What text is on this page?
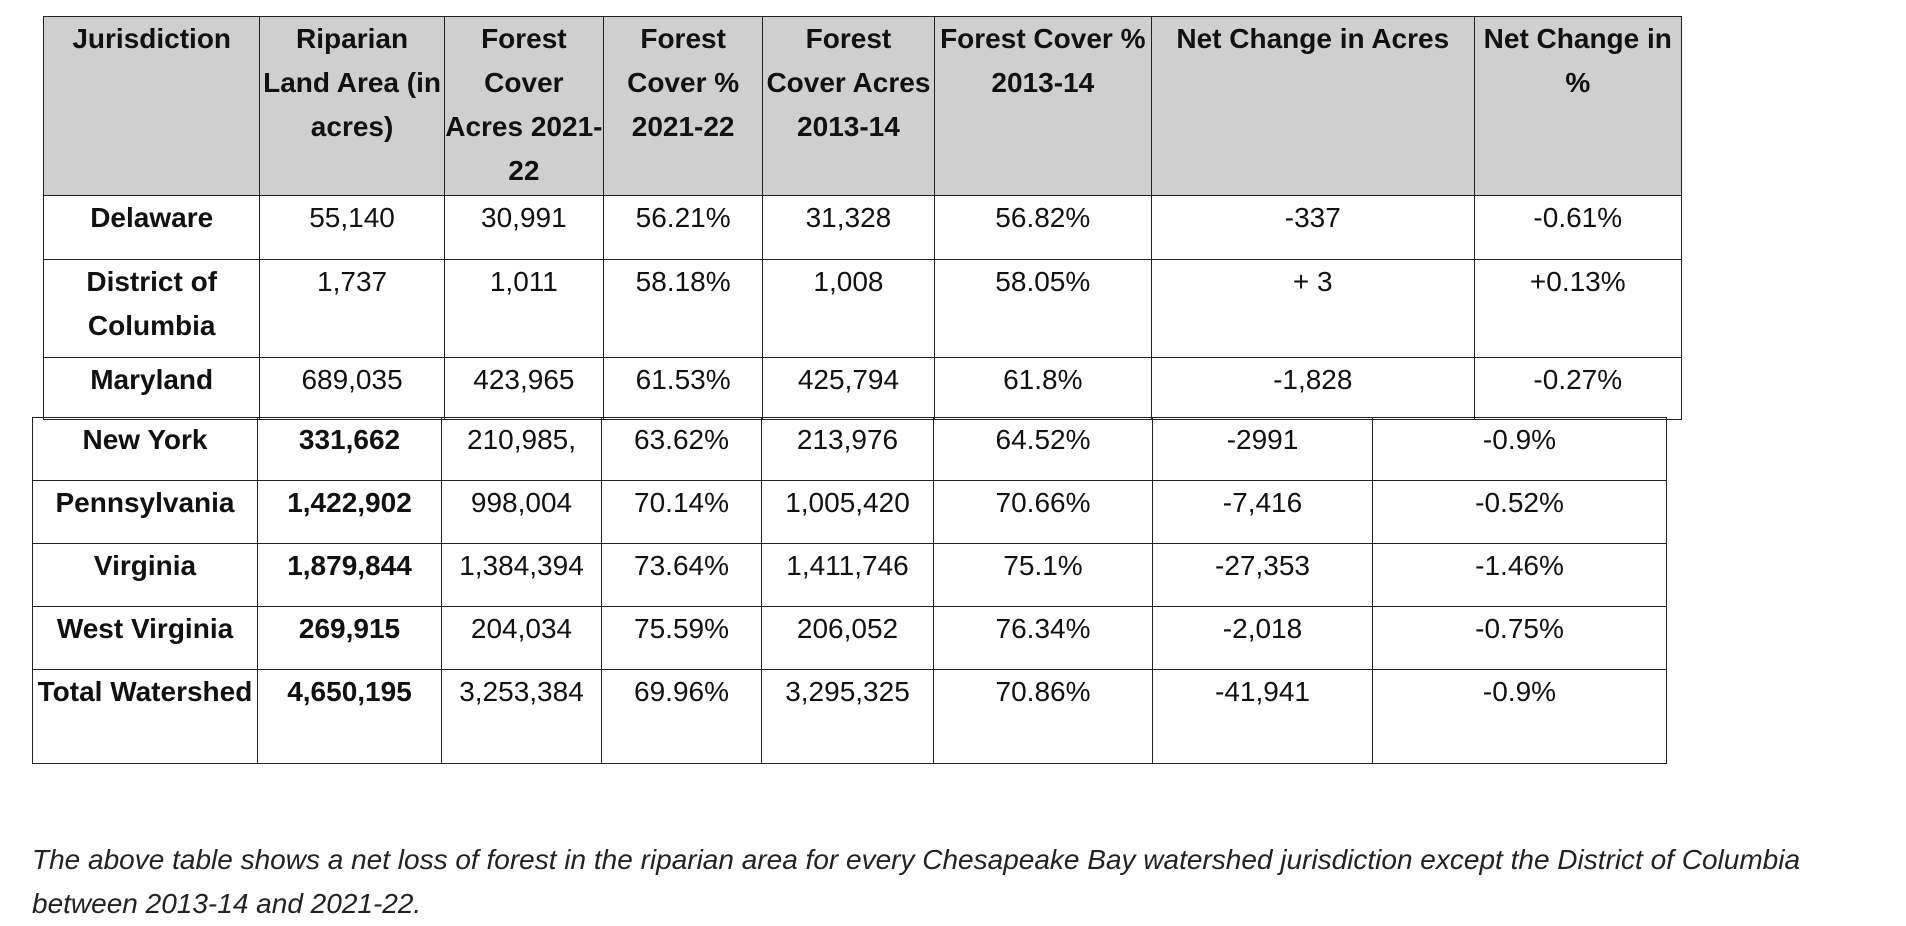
Jurisdiction	Riparian Land Area (in acres)	Forest Cover Acres 2021-22	Forest Cover % 2021-22	Forest Cover Acres 2013-14	Forest Cover % 2013-14	Net Change in Acres	Net Change in %
Delaware	55,140	30,991	56.21%	31,328	56.82%	-337	-0.61%
District of Columbia	1,737	1,011	58.18%	1,008	58.05%	+ 3	+0.13%
Maryland	689,035	423,965	61.53%	425,794	61.8%	-1,828	-0.27%
New York	331,662	210,985,	63.62%	213,976	64.52%	-2991	-0.9%
Pennsylvania	1,422,902	998,004	70.14%	1,005,420	70.66%	-7,416	-0.52%
Virginia	1,879,844	1,384,394	73.64%	1,411,746	75.1%	-27,353	-1.46%
West Virginia	269,915	204,034	75.59%	206,052	76.34%	-2,018	-0.75%
Total Watershed	4,650,195	3,253,384	69.96%	3,295,325	70.86%	-41,941	-0.9%

The above table shows a net loss of forest in the riparian area for every Chesapeake Bay watershed jurisdiction except the District of Columbia between 2013-14 and 2021-22.
